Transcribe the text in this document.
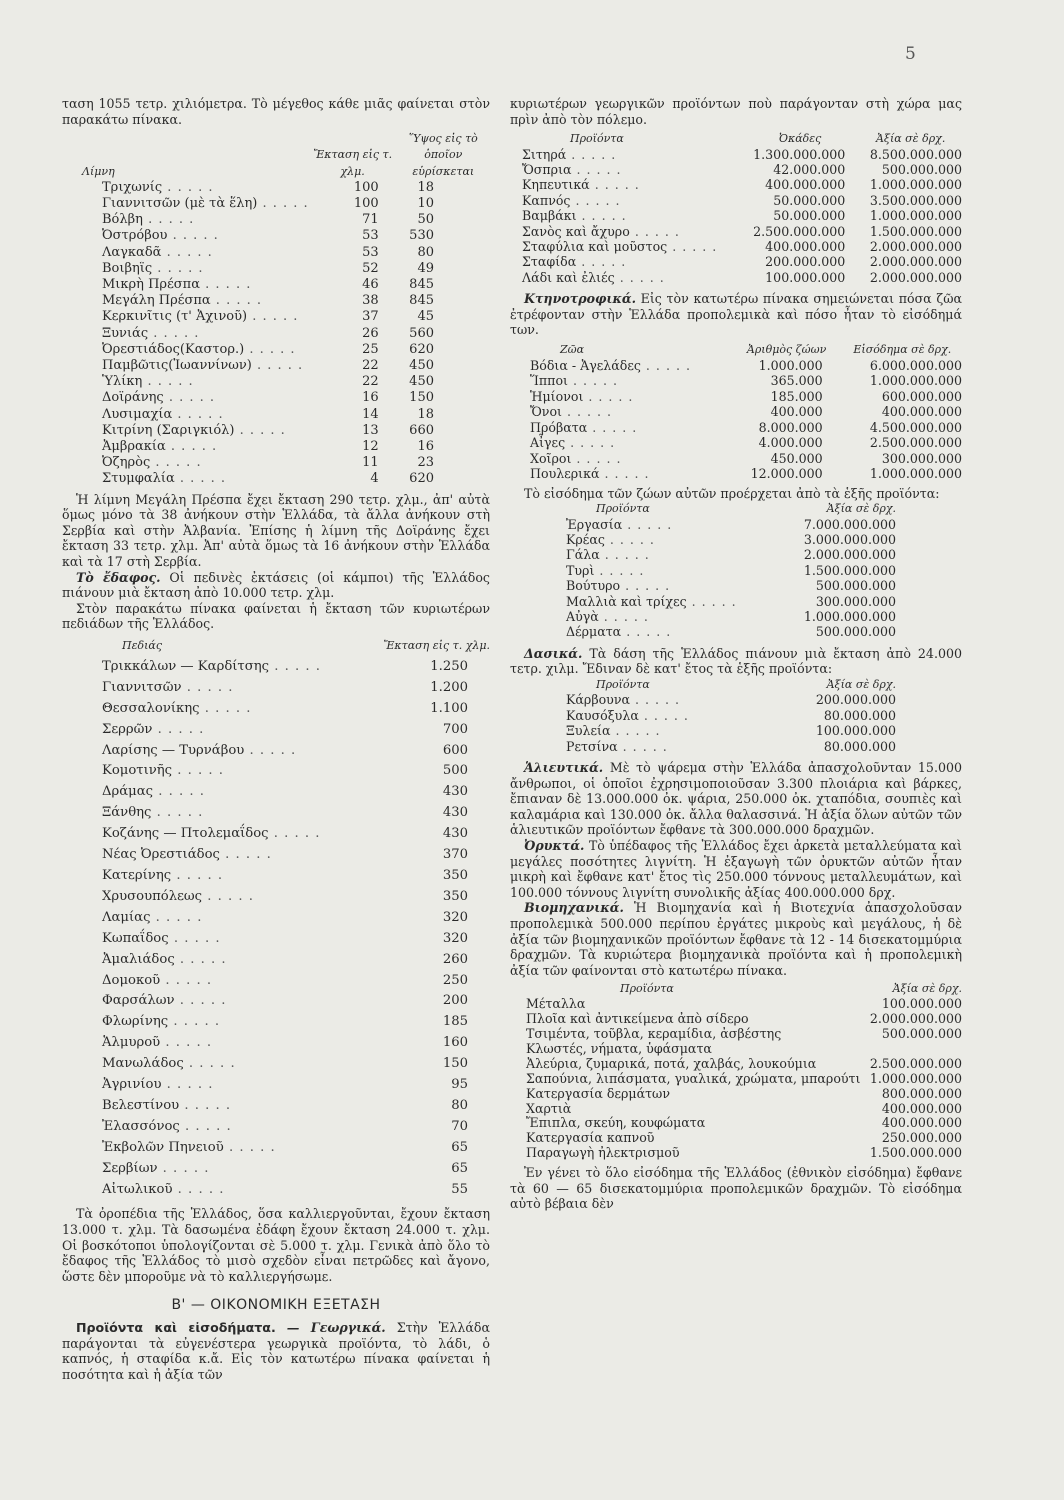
5

ταση 1055 τετρ. χιλιόμετρα. Τὸ μέγεθος κάθε μιᾶς φαίνεται στὸν παρακάτω πίνακα.

Λίμνη	Ἔκταση εἰς τ. χλμ.	Ὕψος εἰς τὸ ὁποῖον εὑρίσκεται
Τριχωνίς . . . . .	100	18
Γιαννιτσῶν (μὲ τὰ ἕλη) . . . . .	100	10
Βόλβη . . . . .	71	50
Ὀστρόβου . . . . .	53	530
Λαγκαδᾶ . . . . .	53	80
Βοιβηΐς . . . . .	52	49
Μικρὴ Πρέσπα . . . . .	46	845
Μεγάλη Πρέσπα . . . . .	38	845
Κερκινῖτις (τ' Ἀχινοῦ) . . . . .	37	45
Ξυνιάς . . . . .	26	560
Ὀρεστιάδος(Καστορ.) . . . . .	25	620
Παμβῶτις(Ἰωαννίνων) . . . . .	22	450
Ὑλίκη . . . . .	22	450
Δοϊράνης . . . . .	16	150
Λυσιμαχία . . . . .	14	18
Κιτρίνη (Σαριγκιόλ) . . . . .	13	660
Ἀμβρακία . . . . .	12	16
Ὀζηρὸς . . . . .	11	23
Στυμφαλία . . . . .	4	620

Ἡ λίμνη Μεγάλη Πρέσπα ἔχει ἔκταση 290 τετρ. χλμ., ἀπ' αὐτὰ ὅμως μόνο τὰ 38 ἀνήκουν στὴν Ἑλλάδα, τὰ ἄλλα ἀνήκουν στὴ Σερβία καὶ στὴν Ἀλβανία. Ἐπίσης ἡ λίμνη τῆς Δοϊράνης ἔχει ἔκταση 33 τετρ. χλμ. Ἀπ' αὐτὰ ὅμως τὰ 16 ἀνήκουν στὴν Ἑλλάδα καὶ τὰ 17 στὴ Σερβία.

Τὸ ἔδαφος. Οἱ πεδινὲς ἐκτάσεις (οἱ κάμποι) τῆς Ἑλλάδος πιάνουν μιὰ ἔκταση ἀπὸ 10.000 τετρ. χλμ.

Στὸν παρακάτω πίνακα φαίνεται ἡ ἔκταση τῶν κυριωτέρων πεδιάδων τῆς Ἑλλάδος.

Πεδιάς	Ἔκταση εἰς τ. χλμ.
Τρικκάλων — Καρδίτσης . . . . .	1.250
Γιαννιτσῶν . . . . .	1.200
Θεσσαλονίκης . . . . .	1.100
Σερρῶν . . . . .	700
Λαρίσης — Τυρνάβου . . . . .	600
Κομοτινῆς . . . . .	500
Δράμας . . . . .	430
Ξάνθης . . . . .	430
Κοζάνης — Πτολεμαΐδος . . . . .	430
Νέας Ὀρεστιάδος . . . . .	370
Κατερίνης . . . . .	350
Χρυσουπόλεως . . . . .	350
Λαμίας . . . . .	320
Κωπαΐδος . . . . .	320
Ἀμαλιάδος . . . . .	260
Δομοκοῦ . . . . .	250
Φαρσάλων . . . . .	200
Φλωρίνης . . . . .	185
Ἁλμυροῦ . . . . .	160
Μανωλάδος . . . . .	150
Ἀγρινίου . . . . .	95
Βελεστίνου . . . . .	80
Ἐλασσόνος . . . . .	70
Ἐκβολῶν Πηνειοῦ . . . . .	65
Σερβίων . . . . .	65
Αἰτωλικοῦ . . . . .	55

Τὰ ὀροπέδια τῆς Ἑλλάδος, ὅσα καλλιεργοῦνται, ἔχουν ἔκταση 13.000 τ. χλμ. Τὰ δασωμένα ἐδάφη ἔχουν ἔκταση 24.000 τ. χλμ. Οἱ βοσκότοποι ὑπολογίζονται σὲ 5.000 τ. χλμ. Γενικὰ ἀπὸ ὅλο τὸ ἔδαφος τῆς Ἑλλάδος τὸ μισὸ σχεδὸν εἶναι πετρῶδες καὶ ἄγονο, ὥστε δὲν μποροῦμε νὰ τὸ καλλιεργήσωμε.

Β' — ΟΙΚΟΝΟΜΙΚΗ ΕΞΕΤΑΣΗ

Προϊόντα καὶ εἰσοδήματα. — Γεωργικά. Στὴν Ἑλλάδα παράγονται τὰ εὐγενέστερα γεωργικὰ προϊόντα, τὸ λάδι, ὁ καπνός, ἡ σταφίδα κ.ἄ. Εἰς τὸν κατωτέρω πίνακα φαίνεται ἡ ποσότητα καὶ ἡ ἀξία τῶν

κυριωτέρων γεωργικῶν προϊόντων ποὺ παράγονταν στὴ χώρα μας πρὶν ἀπὸ τὸν πόλεμο.

Προϊόντα	Ὀκάδες	Ἀξία σὲ δρχ.
Σιτηρά . . . . .	1.300.000.000	8.500.000.000
Ὄσπρια . . . . .	42.000.000	500.000.000
Κηπευτικά . . . . .	400.000.000	1.000.000.000
Καπνός . . . . .	50.000.000	3.500.000.000
Βαμβάκι . . . . .	50.000.000	1.000.000.000
Σανὸς καὶ ἄχυρο . . . . .	2.500.000.000	1.500.000.000
Σταφύλια καὶ μοῦστος . . . . .	400.000.000	2.000.000.000
Σταφίδα . . . . .	200.000.000	2.000.000.000
Λάδι καὶ ἐλιές . . . . .	100.000.000	2.000.000.000

Κτηνοτροφικά. Εἰς τὸν κατωτέρω πίνακα σημειώνεται πόσα ζῶα ἐτρέφονταν στὴν Ἑλλάδα προπολεμικὰ καὶ πόσο ἦταν τὸ εἰσόδημά των.

Ζῶα	Ἀριθμὸς ζώων	Εἰσόδημα σὲ δρχ.
Βόδια - Ἀγελάδες . . . . .	1.000.000	6.000.000.000
Ἵπποι . . . . .	365.000	1.000.000.000
Ἡμίονοι . . . . .	185.000	600.000.000
Ὄνοι . . . . .	400.000	400.000.000
Πρόβατα . . . . .	8.000.000	4.500.000.000
Αἶγες . . . . .	4.000.000	2.500.000.000
Χοῖροι . . . . .	450.000	300.000.000
Πουλερικά . . . . .	12.000.000	1.000.000.000

Τὸ εἰσόδημα τῶν ζώων αὐτῶν προέρχεται ἀπὸ τὰ ἑξῆς προϊόντα:

Προϊόντα	Ἀξία σὲ δρχ.
Ἐργασία . . . . .	7.000.000.000
Κρέας . . . . .	3.000.000.000
Γάλα . . . . .	2.000.000.000
Τυρὶ . . . . .	1.500.000.000
Βούτυρο . . . . .	500.000.000
Μαλλιὰ καὶ τρίχες . . . . .	300.000.000
Αὐγὰ . . . . .	1.000.000.000
Δέρματα . . . . .	500.000.000

Δασικά. Τὰ δάση τῆς Ἑλλάδος πιάνουν μιὰ ἔκταση ἀπὸ 24.000 τετρ. χιλμ. Ἔδιναν δὲ κατ' ἔτος τὰ ἑξῆς προϊόντα:

Προϊόντα	Ἀξία σὲ δρχ.
Κάρβουνα . . . . .	200.000.000
Καυσόξυλα . . . . .	80.000.000
Ξυλεία . . . . .	100.000.000
Ρετσίνα . . . . .	80.000.000

Ἁλιευτικά. Μὲ τὸ ψάρεμα στὴν Ἑλλάδα ἀπασχολοῦνταν 15.000 ἄνθρωποι, οἱ ὁποῖοι ἐχρησιμοποιοῦσαν 3.300 πλοιάρια καὶ βάρκες, ἔπιαναν δὲ 13.000.000 ὀκ. ψάρια, 250.000 ὀκ. χταπόδια, σουπιὲς καὶ καλαμάρια καὶ 130.000 ὀκ. ἄλλα θαλασσινά. Ἡ ἀξία ὅλων αὐτῶν τῶν ἁλιευτικῶν προϊόντων ἔφθανε τὰ 300.000.000 δραχμῶν.

Ὀρυκτά. Τὸ ὑπέδαφος τῆς Ἑλλάδος ἔχει ἀρκετὰ μεταλλεύματα καὶ μεγάλες ποσότητες λιγνίτη. Ἡ ἐξαγωγὴ τῶν ὀρυκτῶν αὐτῶν ἦταν μικρὴ καὶ ἔφθανε κατ' ἔτος τὶς 250.000 τόννους μεταλλευμάτων, καὶ 100.000 τόννους λιγνίτη συνολικῆς ἀξίας 400.000.000 δρχ.

Βιομηχανικά. Ἡ Βιομηχανία καὶ ἡ Βιοτεχνία ἀπασχολοῦσαν προπολεμικὰ 500.000 περίπου ἐργάτες μικροὺς καὶ μεγάλους, ἡ δὲ ἀξία τῶν βιομηχανικῶν προϊόντων ἔφθανε τὰ 12 - 14 δισεκατομμύρια δραχμῶν. Τὰ κυριώτερα βιομηχανικὰ προϊόντα καὶ ἡ προπολεμικὴ ἀξία τῶν φαίνονται στὸ κατωτέρω πίνακα.

Προϊόντα	Ἀξία σὲ δρχ.
Μέταλλα	100.000.000
Πλοῖα καὶ ἀντικείμενα ἀπὸ σίδερο	2.000.000.000
Τσιμέντα, τοῦβλα, κεραμίδια, ἀσβέστης	500.000.000
Κλωστές, νήματα, ὑφάσματα	
Ἀλεύρια, ζυμαρικά, ποτά, χαλβάς, λουκούμια	2.500.000.000
Σαπούνια, λιπάσματα, γυαλικά, χρώματα, μπαρούτι	1.000.000.000
Κατεργασία δερμάτων	800.000.000
Χαρτιὰ	400.000.000
Ἔπιπλα, σκεύη, κουφώματα	400.000.000
Κατεργασία καπνοῦ	250.000.000
Παραγωγὴ ἠλεκτρισμοῦ	1.500.000.000

Ἐν γένει τὸ ὅλο εἰσόδημα τῆς Ἑλλάδος (ἐθνικὸν εἰσόδημα) ἔφθανε τὰ 60 — 65 δισεκατομμύρια προπολεμικῶν δραχμῶν. Τὸ εἰσόδημα αὐτὸ βέβαια δὲν
